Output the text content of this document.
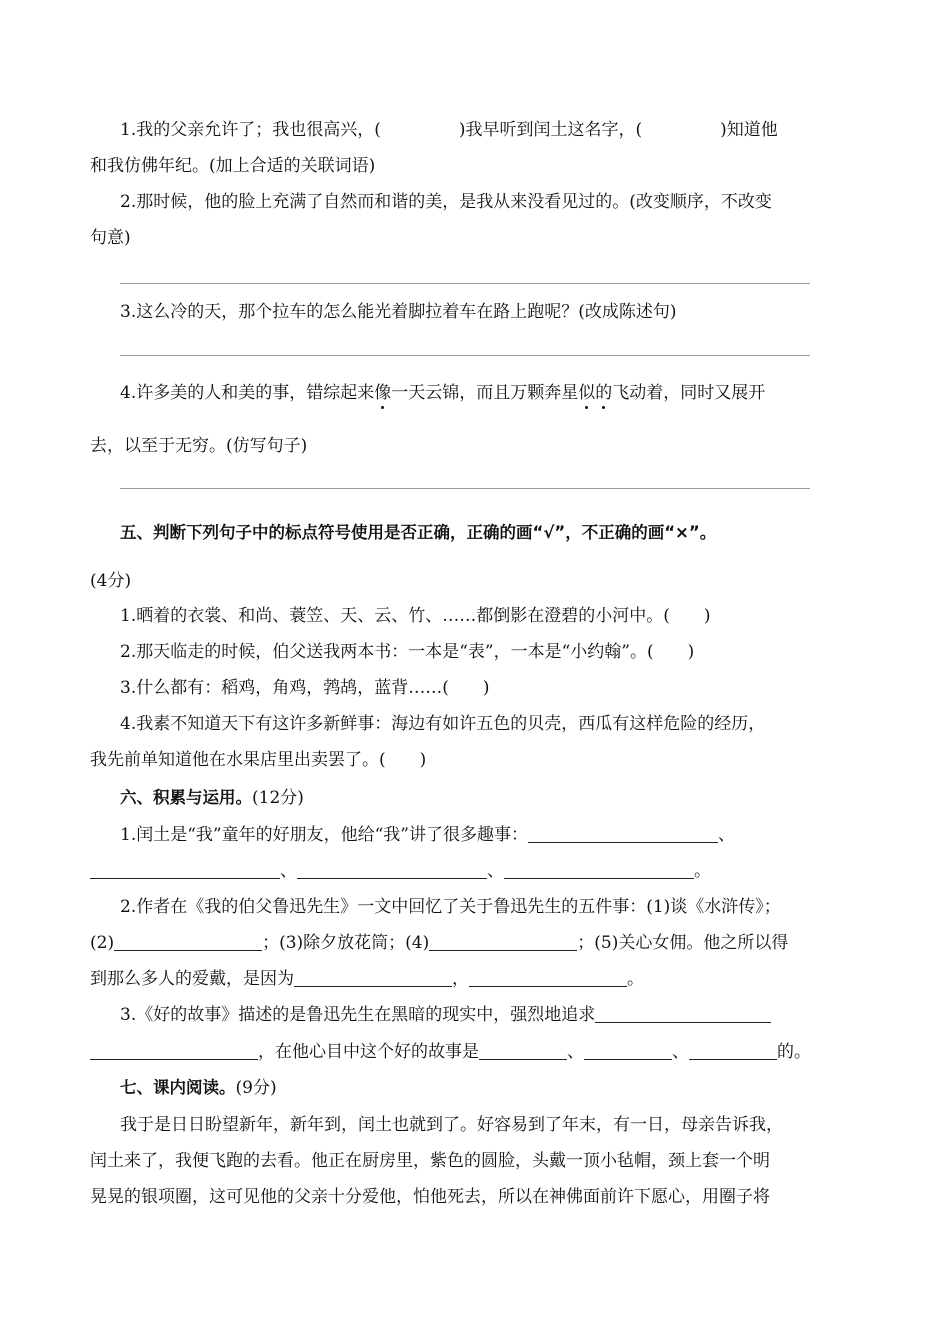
1.我的父亲允许了；我也很高兴，(	)我早听到闰土这名字，(	)知道他
和我仿佛年纪。(加上合适的关联词语)
2.那时候，他的脸上充满了自然而和谐的美，是我从来没看见过的。(改变顺序，不改变
句意)
3.这么冷的天，那个拉车的怎么能光着脚拉着车在路上跑呢？(改成陈述句)
4.许多美的人和美的事，错综起来像一天云锦，而且万颗奔星似的飞动着，同时又展开
去，以至于无穷。(仿写句子)
五、判断下列句子中的标点符号使用是否正确，正确的画“√”，不正确的画“×”。
(4分)
1.晒着的衣裳、和尚、蓑笠、天、云、竹、……都倒影在澄碧的小河中。(　　)
2.那天临走的时候，伯父送我两本书：一本是“表”，一本是“小约翰”。(　　)
3.什么都有：稻鸡，角鸡，鹁鸪，蓝背……(　　)
4.我素不知道天下有这许多新鲜事：海边有如许五色的贝壳，西瓜有这样危险的经历，
我先前单知道他在水果店里出卖罢了。(　　)
六、积累与运用。(12分)
1.闰土是“我”童年的好朋友，他给“我”讲了很多趣事：	、
、	、	。
2.作者在《我的伯父鲁迅先生》一文中回忆了关于鲁迅先生的五件事：(1)谈《水浒传》；
(2)	；(3)除夕放花筒；(4)	；(5)关心女佣。他之所以得
到那么多人的爱戴，是因为	，	。
3.《好的故事》描述的是鲁迅先生在黑暗的现实中，强烈地追求
，在他心目中这个好的故事是	、	、	的。
七、课内阅读。(9分)
我于是日日盼望新年，新年到，闰土也就到了。好容易到了年末，有一日，母亲告诉我，
闰土来了，我便飞跑的去看。他正在厨房里，紫色的圆脸，头戴一顶小毡帽，颈上套一个明
晃晃的银项圈，这可见他的父亲十分爱他，怕他死去，所以在神佛面前许下愿心，用圈子将
